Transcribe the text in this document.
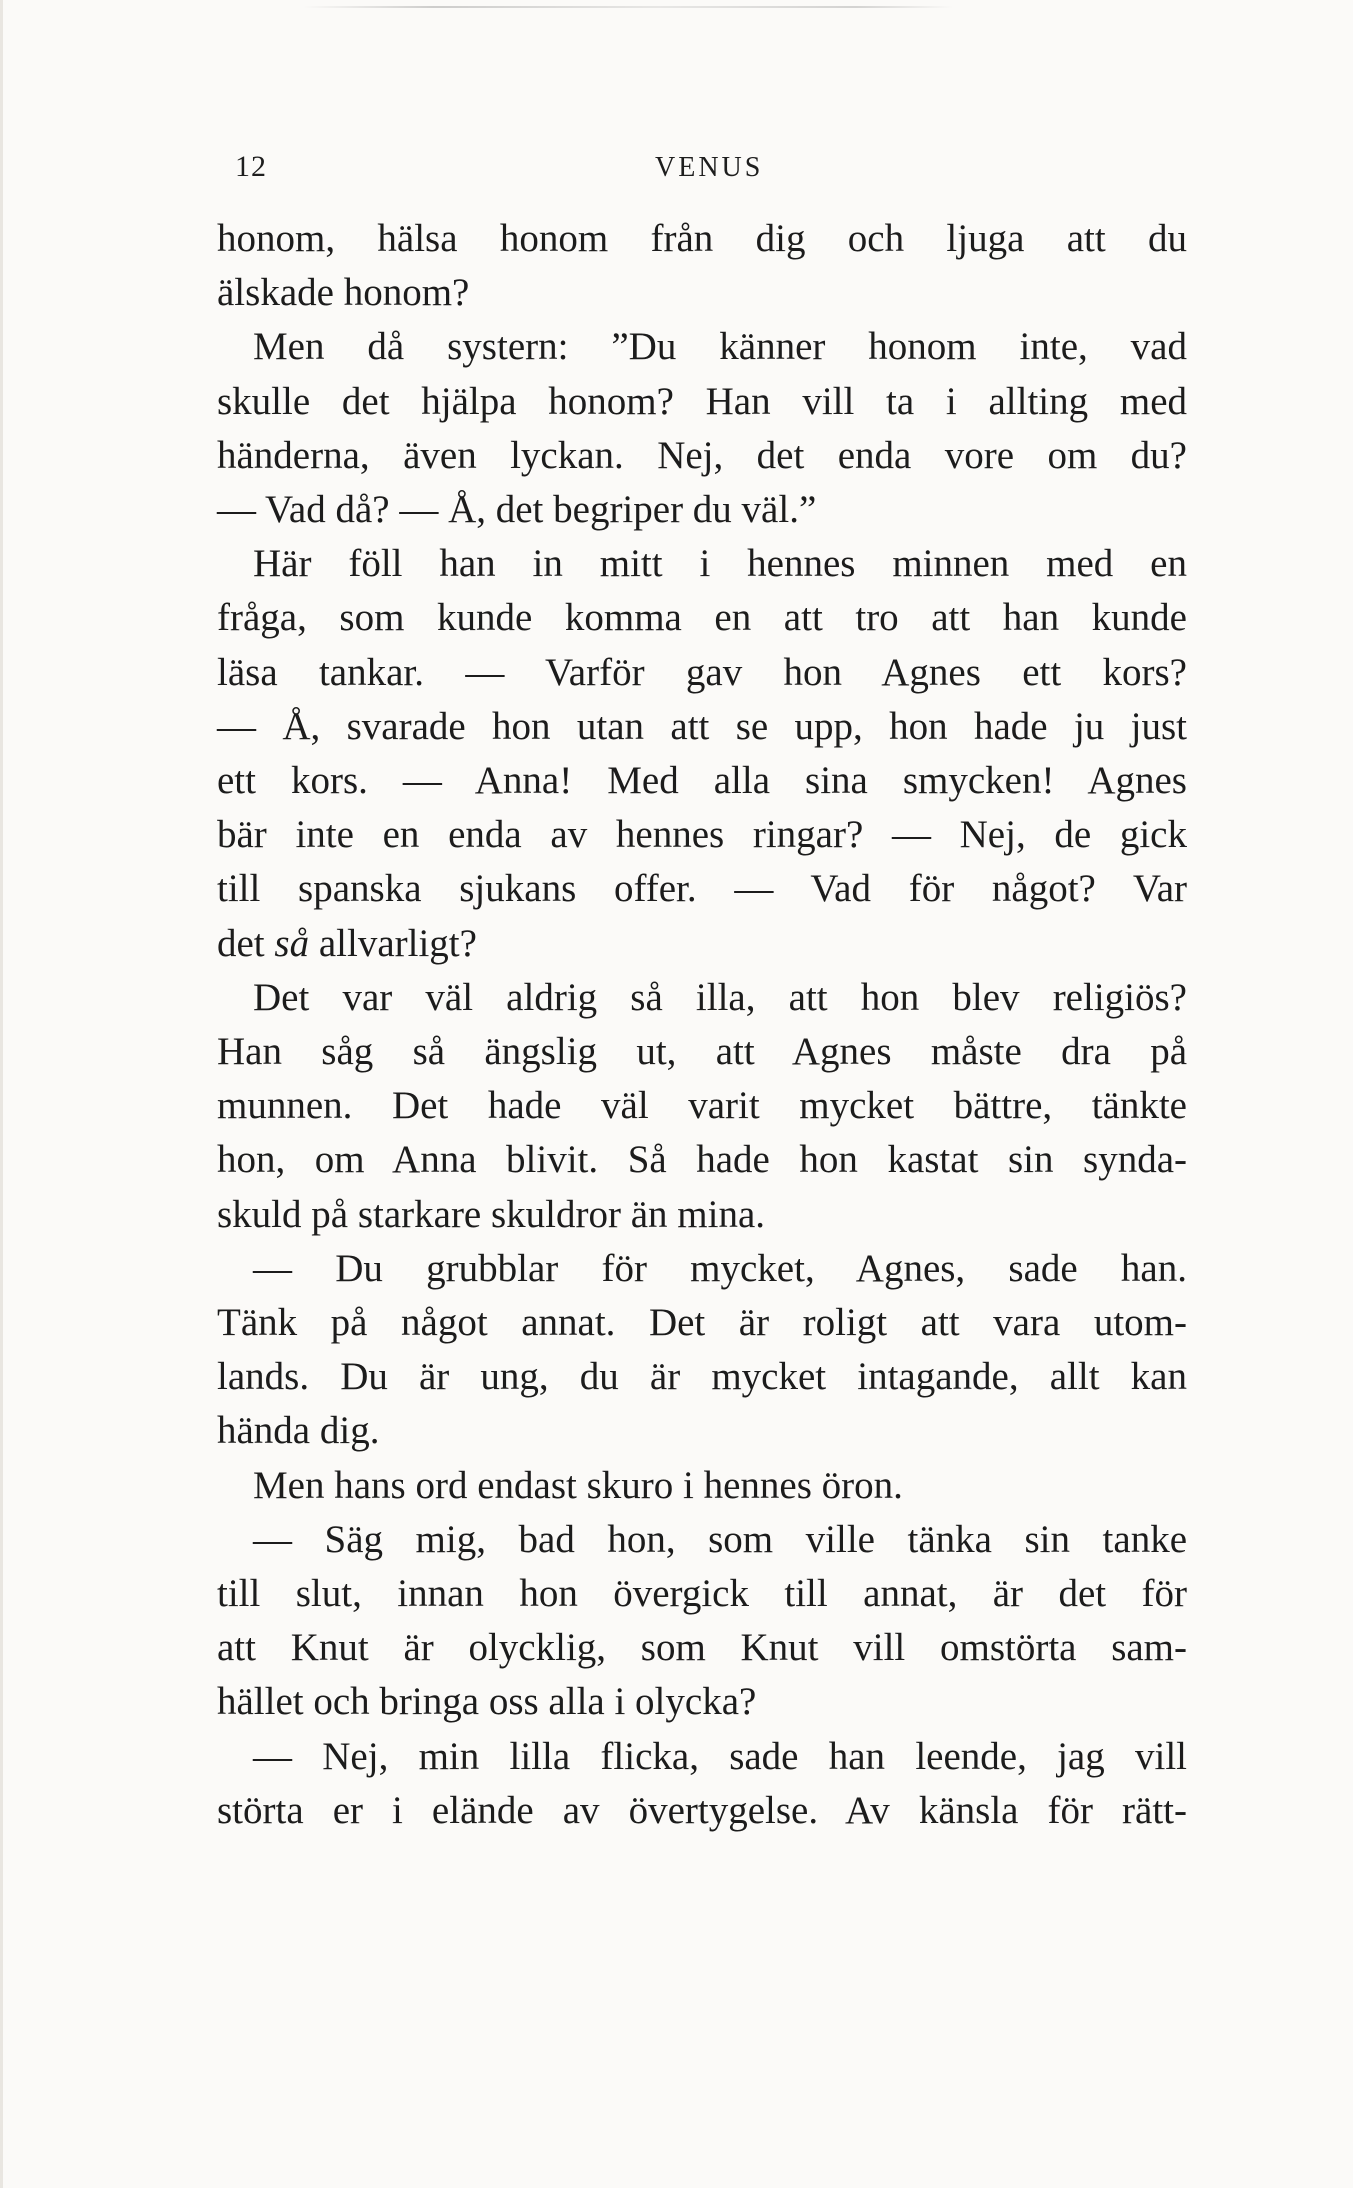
12	VENUS
honom, hälsa honom från dig och ljuga att du
älskade honom?
Men då systern: ”Du känner honom inte, vad
skulle det hjälpa honom? Han vill ta i allting med
händerna, även lyckan. Nej, det enda vore om du?
— Vad då? — Å, det begriper du väl.”
Här föll han in mitt i hennes minnen med en
fråga, som kunde komma en att tro att han kunde
läsa tankar. — Varför gav hon Agnes ett kors?
— Å, svarade hon utan att se upp, hon hade ju just
ett kors. — Anna! Med alla sina smycken! Agnes
bär inte en enda av hennes ringar? — Nej, de gick
till spanska sjukans offer. — Vad för något? Var
det så allvarligt?
Det var väl aldrig så illa, att hon blev religiös?
Han såg så ängslig ut, att Agnes måste dra på
munnen. Det hade väl varit mycket bättre, tänkte
hon, om Anna blivit. Så hade hon kastat sin synda-
skuld på starkare skuldror än mina.
— Du grubblar för mycket, Agnes, sade han.
Tänk på något annat. Det är roligt att vara utom-
lands. Du är ung, du är mycket intagande, allt kan
hända dig.
Men hans ord endast skuro i hennes öron.
— Säg mig, bad hon, som ville tänka sin tanke
till slut, innan hon övergick till annat, är det för
att Knut är olycklig, som Knut vill omstörta sam-
hället och bringa oss alla i olycka?
— Nej, min lilla flicka, sade han leende, jag vill
störta er i elände av övertygelse. Av känsla för rätt-
